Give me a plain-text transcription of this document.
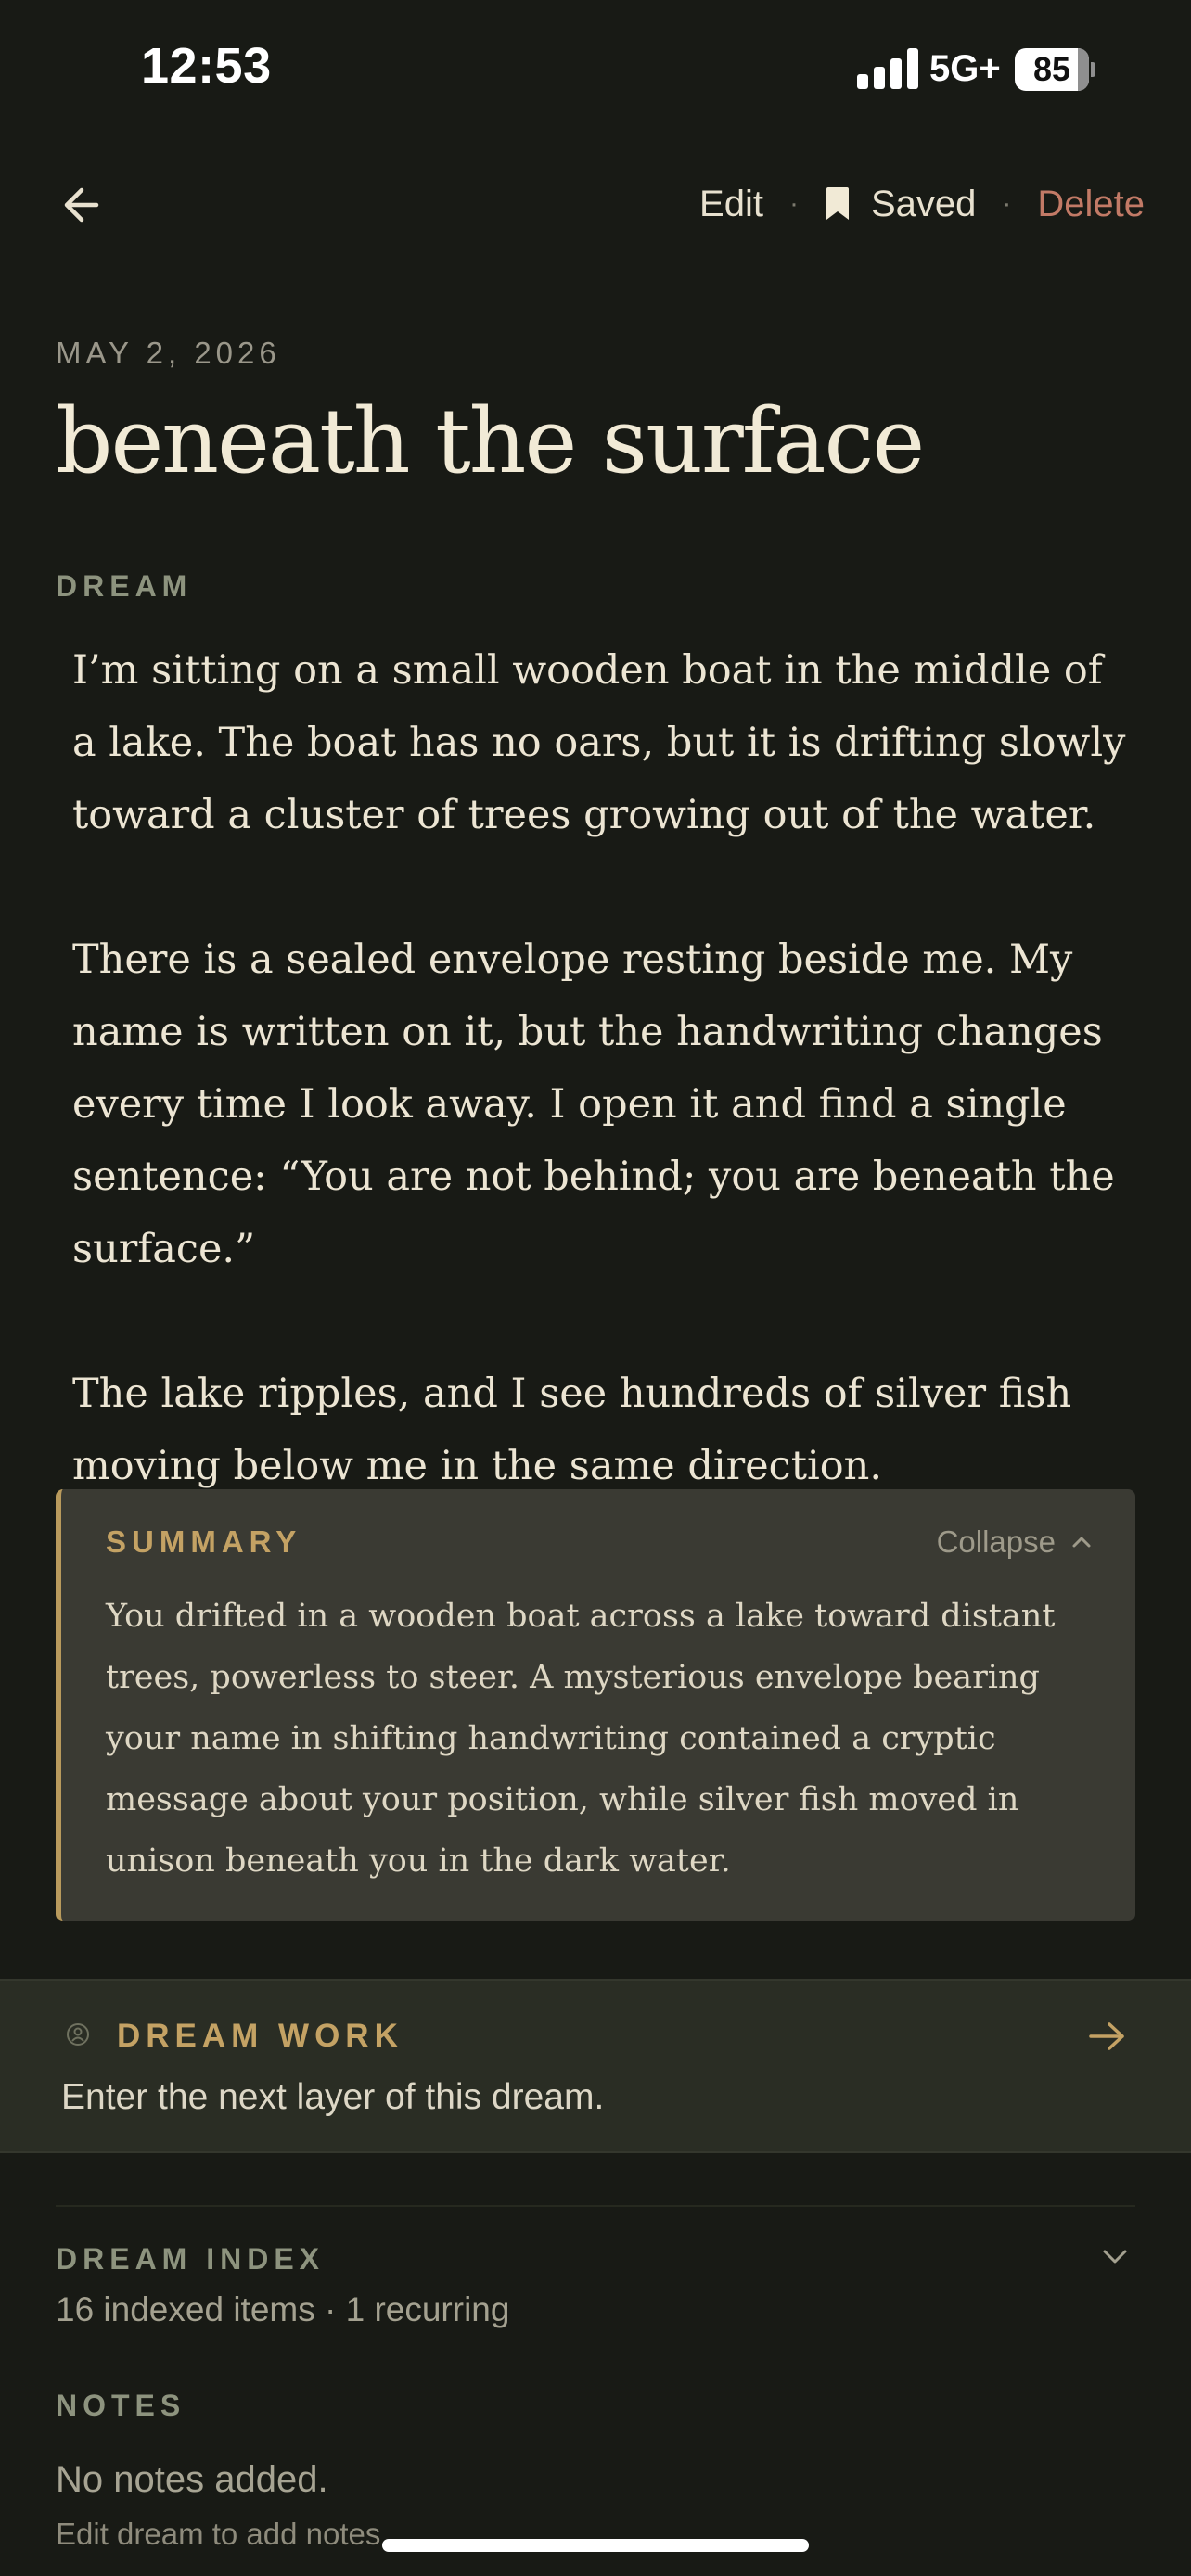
12:53	5G+ 85
Edit · Saved · Delete
MAY 2, 2026
beneath the surface
DREAM

I’m sitting on a small wooden boat in the middle of a lake. The boat has no oars, but it is drifting slowly toward a cluster of trees growing out of the water.

There is a sealed envelope resting beside me. My name is written on it, but the handwriting changes every time I look away. I open it and find a single sentence: “You are not behind; you are beneath the surface.”

The lake ripples, and I see hundreds of silver fish moving below me in the same direction.

SUMMARY	Collapse
You drifted in a wooden boat across a lake toward distant trees, powerless to steer. A mysterious envelope bearing your name in shifting handwriting contained a cryptic message about your position, while silver fish moved in unison beneath you in the dark water.
DREAM WORK
Enter the next layer of this dream.
DREAM INDEX
16 indexed items · 1 recurring
NOTES
No notes added.
Edit dream to add notes
